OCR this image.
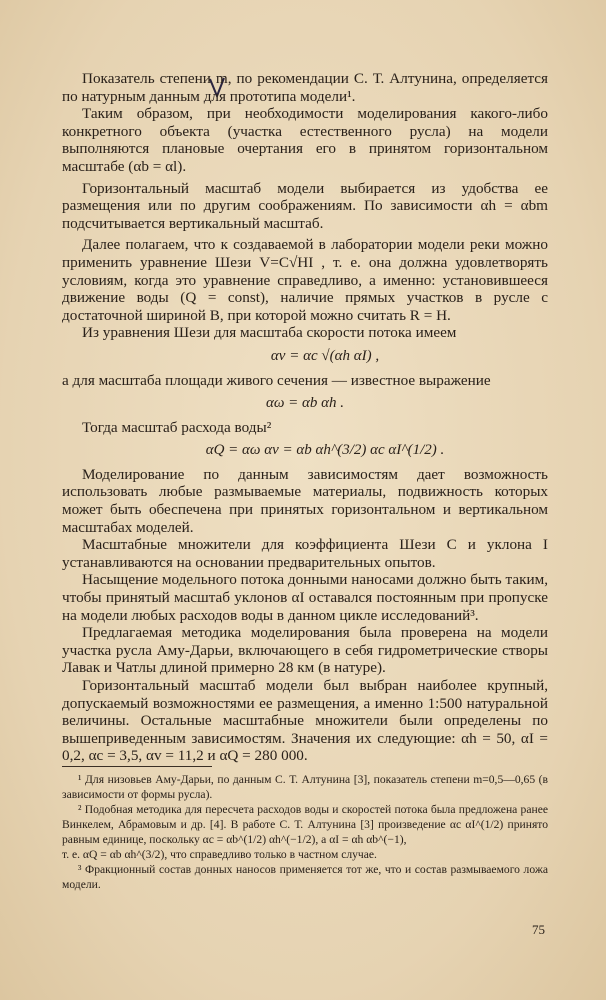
Показатель степени m, по рекомендации С. Т. Алтунина, определяется по натурным данным для прототипа модели¹.

Таким образом, при необходимости моделирования какого-либо конкретного объекта (участка естественного русла) на модели выполняются плановые очертания его в принятом горизонтальном масштабе (αb = αl).

Горизонтальный масштаб модели выбирается из удобства ее размещения или по другим соображениям. По зависимости αh = αbm подсчитывается вертикальный масштаб.

Далее полагаем, что к создаваемой в лаборатории модели реки можно применить уравнение Шези V=C√HI , т. е. она должна удовлетворять условиям, когда это уравнение справедливо, а именно: установившееся движение воды (Q = const), наличие прямых участков в русле с достаточной шириной B, при которой можно считать R = H.

Из уравнения Шези для масштаба скорости потока имеем

αv = αc √(αh αI) ,

а для масштаба площади живого сечения — известное выражение

αω = αb αh .

Тогда масштаб расхода воды²

αQ = αω αv = αb αh^(3/2) αc αI^(1/2) .

Моделирование по данным зависимостям дает возможность использовать любые размываемые материалы, подвижность которых может быть обеспечена при принятых горизонтальном и вертикальном масштабах моделей.

Масштабные множители для коэффициента Шези C и уклона I устанавливаются на основании предварительных опытов.

Насыщение модельного потока донными наносами должно быть таким, чтобы принятый масштаб уклонов αI оставался постоянным при пропуске на модели любых расходов воды в данном цикле исследований³.

Предлагаемая методика моделирования была проверена на модели участка русла Аму-Дарьи, включающего в себя гидрометрические створы Лавак и Чатлы длиной примерно 28 км (в натуре).

Горизонтальный масштаб модели был выбран наиболее крупный, допускаемый возможностями ее размещения, а именно 1:500 натуральной величины. Остальные масштабные множители были определены по вышеприведенным зависимостям. Значения их следующие: αh = 50, αI = 0,2, αc = 3,5, αv = 11,2 и αQ = 280 000.

¹ Для низовьев Аму-Дарьи, по данным С. Т. Алтунина [3], показатель степени m=0,5—0,65 (в зависимости от формы русла).

² Подобная методика для пересчета расходов воды и скоростей потока была предложена ранее Винкелем, Абрамовым и др. [4]. В работе С. Т. Алтунина [3] произведение αc αI^(1/2) принято равным единице, поскольку αc = αb^(1/2) αh^(−1/2), а αI = αh αb^(−1),

т. е. αQ = αb αh^(3/2), что справедливо только в частном случае.

³ Фракционный состав донных наносов применяется тот же, что и состав размываемого ложа модели.

75
